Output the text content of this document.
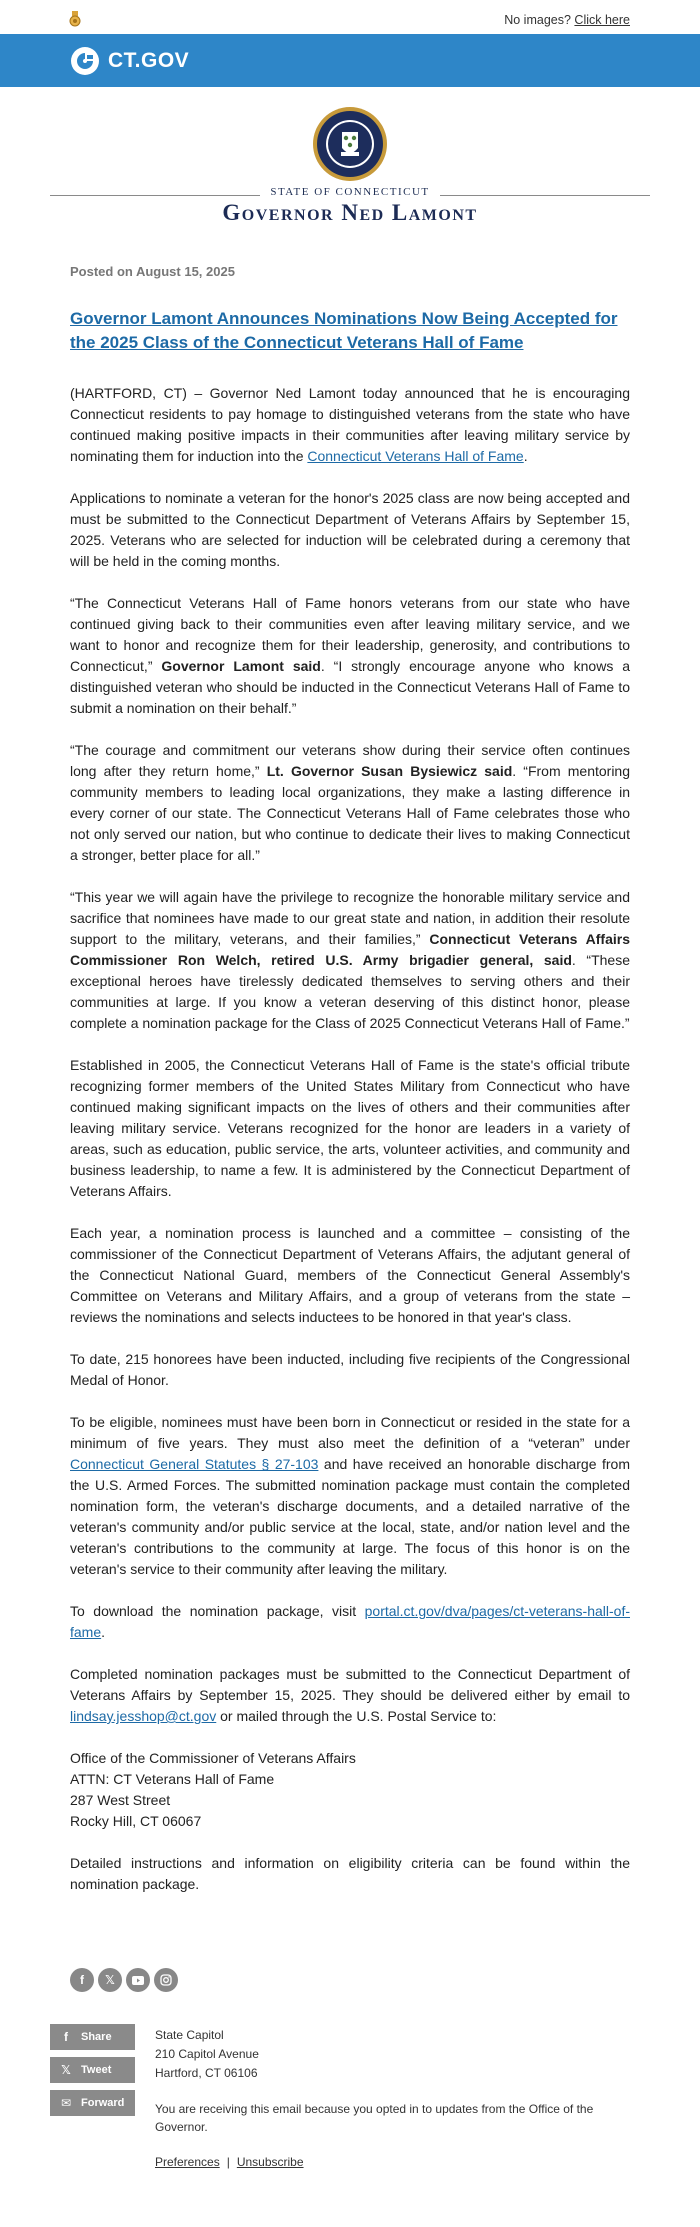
No images? Click here
CT.GOV
STATE OF CONNECTICUT
Governor Ned Lamont
Posted on August 15, 2025
Governor Lamont Announces Nominations Now Being Accepted for the 2025 Class of the Connecticut Veterans Hall of Fame

(HARTFORD, CT) – Governor Ned Lamont today announced that he is encouraging Connecticut residents to pay homage to distinguished veterans from the state who have continued making positive impacts in their communities after leaving military service by nominating them for induction into the Connecticut Veterans Hall of Fame.

Applications to nominate a veteran for the honor's 2025 class are now being accepted and must be submitted to the Connecticut Department of Veterans Affairs by September 15, 2025. Veterans who are selected for induction will be celebrated during a ceremony that will be held in the coming months.

“The Connecticut Veterans Hall of Fame honors veterans from our state who have continued giving back to their communities even after leaving military service, and we want to honor and recognize them for their leadership, generosity, and contributions to Connecticut,” Governor Lamont said. “I strongly encourage anyone who knows a distinguished veteran who should be inducted in the Connecticut Veterans Hall of Fame to submit a nomination on their behalf.”

“The courage and commitment our veterans show during their service often continues long after they return home,” Lt. Governor Susan Bysiewicz said. “From mentoring community members to leading local organizations, they make a lasting difference in every corner of our state. The Connecticut Veterans Hall of Fame celebrates those who not only served our nation, but who continue to dedicate their lives to making Connecticut a stronger, better place for all.”

“This year we will again have the privilege to recognize the honorable military service and sacrifice that nominees have made to our great state and nation, in addition their resolute support to the military, veterans, and their families,” Connecticut Veterans Affairs Commissioner Ron Welch, retired U.S. Army brigadier general, said. “These exceptional heroes have tirelessly dedicated themselves to serving others and their communities at large. If you know a veteran deserving of this distinct honor, please complete a nomination package for the Class of 2025 Connecticut Veterans Hall of Fame.”

Established in 2005, the Connecticut Veterans Hall of Fame is the state's official tribute recognizing former members of the United States Military from Connecticut who have continued making significant impacts on the lives of others and their communities after leaving military service. Veterans recognized for the honor are leaders in a variety of areas, such as education, public service, the arts, volunteer activities, and community and business leadership, to name a few. It is administered by the Connecticut Department of Veterans Affairs.

Each year, a nomination process is launched and a committee – consisting of the commissioner of the Connecticut Department of Veterans Affairs, the adjutant general of the Connecticut National Guard, members of the Connecticut General Assembly's Committee on Veterans and Military Affairs, and a group of veterans from the state – reviews the nominations and selects inductees to be honored in that year's class.

To date, 215 honorees have been inducted, including five recipients of the Congressional Medal of Honor.

To be eligible, nominees must have been born in Connecticut or resided in the state for a minimum of five years. They must also meet the definition of a “veteran” under Connecticut General Statutes § 27-103 and have received an honorable discharge from the U.S. Armed Forces. The submitted nomination package must contain the completed nomination form, the veteran's discharge documents, and a detailed narrative of the veteran's community and/or public service at the local, state, and/or nation level and the veteran's contributions to the community at large. The focus of this honor is on the veteran's service to their community after leaving the military.

To download the nomination package, visit portal.ct.gov/dva/pages/ct-veterans-hall-of-fame.

Completed nomination packages must be submitted to the Connecticut Department of Veterans Affairs by September 15, 2025. They should be delivered either by email to lindsay.jesshop@ct.gov or mailed through the U.S. Postal Service to:

Office of the Commissioner of Veterans Affairs
ATTN: CT Veterans Hall of Fame
287 West Street
Rocky Hill, CT 06067

Detailed instructions and information on eligibility criteria can be found within the nomination package.

f	𝕏
f	Share
𝕏 Tweet
✉ Forward
State Capitol
210 Capitol Avenue
Hartford, CT 06106
You are receiving this email because you opted in to updates from the Office of the Governor.
Preferences | Unsubscribe
